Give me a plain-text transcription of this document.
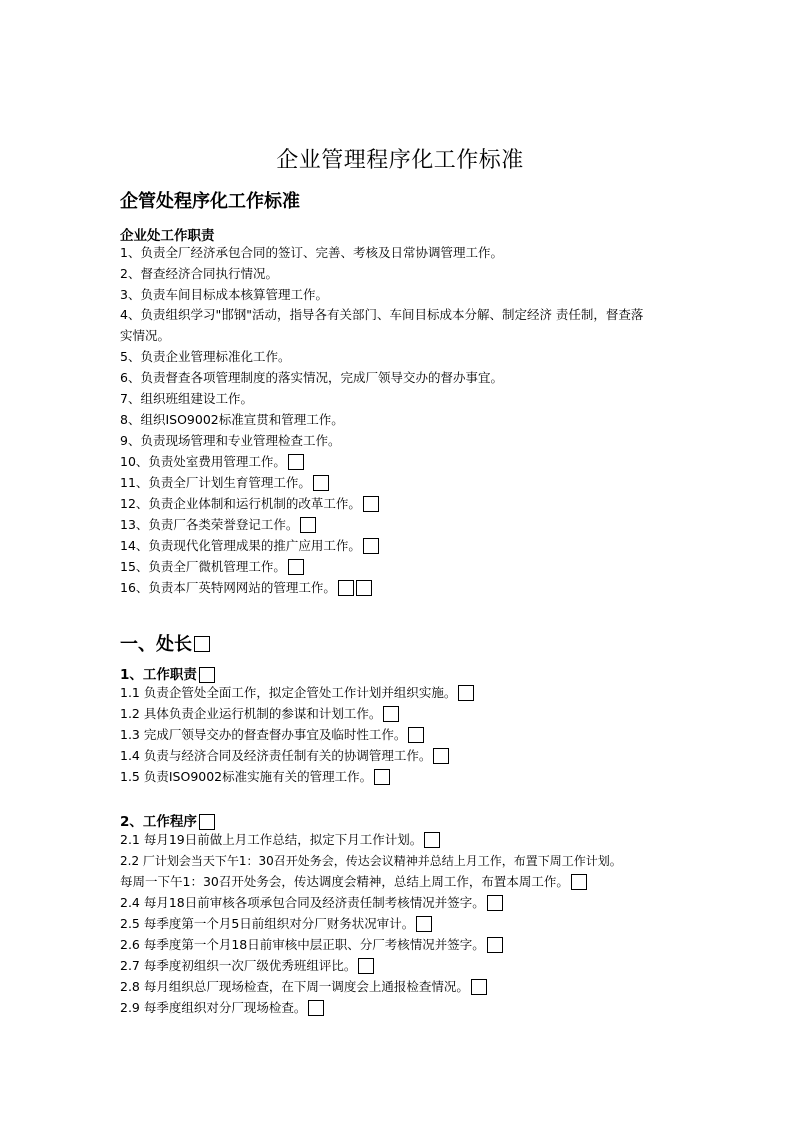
企业管理程序化工作标准
企管处程序化工作标准
企业处工作职责
1、负责全厂经济承包合同的签订、完善、考核及日常协调管理工作。
2、督查经济合同执行情况。
3、负责车间目标成本核算管理工作。
4、负责组织学习"邯钢"活动，指导各有关部门、车间目标成本分解、制定经济 责任制，督查落
实情况。
5、负责企业管理标准化工作。
6、负责督查各项管理制度的落实情况，完成厂领导交办的督办事宜。
7、组织班组建设工作。
8、组织ISO9002标准宣贯和管理工作。
9、负责现场管理和专业管理检查工作。
10、负责处室费用管理工作。
11、负责全厂计划生育管理工作。
12、负责企业体制和运行机制的改革工作。
13、负责厂各类荣誉登记工作。
14、负责现代化管理成果的推广应用工作。
15、负责全厂微机管理工作。
16、负责本厂英特网网站的管理工作。
一、处长
1、工作职责
1.1 负责企管处全面工作，拟定企管处工作计划并组织实施。
1.2 具体负责企业运行机制的参谋和计划工作。
1.3 完成厂领导交办的督查督办事宜及临时性工作。
1.4 负责与经济合同及经济责任制有关的协调管理工作。
1.5 负责ISO9002标准实施有关的管理工作。
2、工作程序
2.1 每月19日前做上月工作总结，拟定下月工作计划。
2.2 厂计划会当天下午1：30召开处务会，传达会议精神并总结上月工作，布置下周工作计划。
每周一下午1：30召开处务会，传达调度会精神，总结上周工作，布置本周工作。
2.4 每月18日前审核各项承包合同及经济责任制考核情况并签字。
2.5 每季度第一个月5日前组织对分厂财务状况审计。
2.6 每季度第一个月18日前审核中层正职、分厂考核情况并签字。
2.7 每季度初组织一次厂级优秀班组评比。
2.8 每月组织总厂现场检查，在下周一调度会上通报检查情况。
2.9 每季度组织对分厂现场检查。
